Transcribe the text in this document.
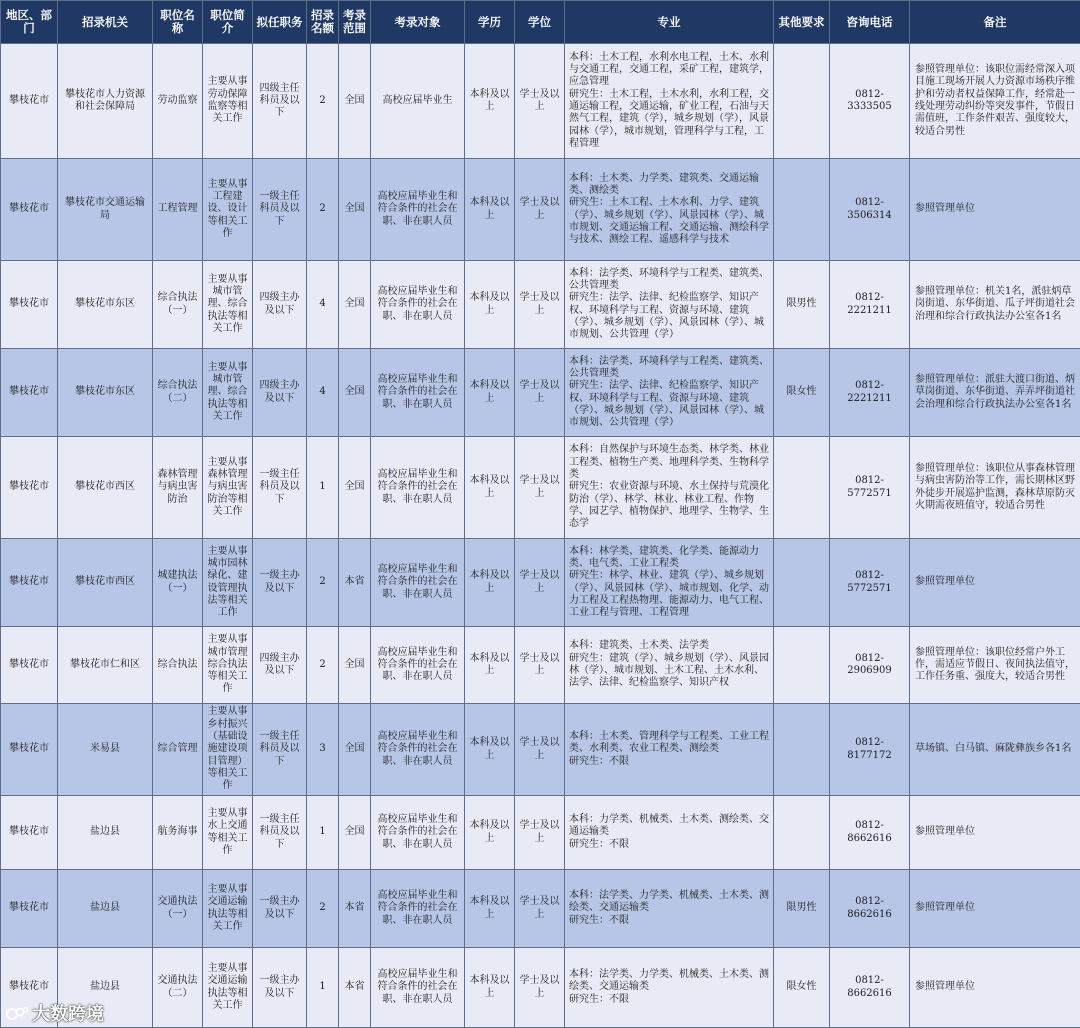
地区、部门	招录机关	职位名称	职位简介	拟任职务	招录名额	考录范围	考录对象	学历	学位	专业	其他要求	咨询电话	备注
攀枝花市	攀枝花市人力资源和社会保障局	劳动监察	主要从事劳动保障监察等相关工作	四级主任科员及以下	2	全国	高校应届毕业生	本科及以上	学士及以上	本科：土木工程，水利水电工程，土木、水利与交通工程，交通工程，采矿工程，建筑学，应急管理
研究生：土木工程，土木水利，水利工程，交通运输工程，交通运输，矿业工程，石油与天然气工程，建筑（学），城乡规划（学），风景园林（学），城市规划，管理科学与工程，工程管理		0812-3333505	参照管理单位：该职位需经常深入项目施工现场开展人力资源市场秩序维护和劳动者权益保障工作，经常赴一线处理劳动纠纷等突发事件，节假日需值班，工作条件艰苦、强度较大，较适合男性
攀枝花市	攀枝花市交通运输局	工程管理	主要从事工程建设、设计等相关工作	一级主任科员及以下	2	全国	高校应届毕业生和符合条件的社会在职、非在职人员	本科及以上	学士及以上	本科：土木类、力学类、建筑类、交通运输类、测绘类
研究生：土木工程、土木水利、力学、建筑（学）、城乡规划（学）、风景园林（学）、城市规划、交通运输工程、交通运输、测绘科学与技术、测绘工程、遥感科学与技术		0812-3506314	参照管理单位
攀枝花市	攀枝花市东区	综合执法（一）	主要从事城市管理、综合执法等相关工作	四级主办及以下	4	全国	高校应届毕业生和符合条件的社会在职、非在职人员	本科及以上	学士及以上	本科：法学类、环境科学与工程类、建筑类、公共管理类
研究生：法学、法律、纪检监察学、知识产权、环境科学与工程、资源与环境、建筑（学）、城乡规划（学）、风景园林（学）、城市规划、公共管理（学）	限男性	0812-2221211	参照管理单位：机关1名，派驻炳草岗街道、东华街道、瓜子坪街道社会治理和综合行政执法办公室各1名
攀枝花市	攀枝花市东区	综合执法（二）	主要从事城市管理、综合执法等相关工作	四级主办及以下	4	全国	高校应届毕业生和符合条件的社会在职、非在职人员	本科及以上	学士及以上	本科：法学类、环境科学与工程类、建筑类、公共管理类
研究生：法学、法律、纪检监察学、知识产权、环境科学与工程、资源与环境、建筑（学）、城乡规划（学）、风景园林（学）、城市规划、公共管理（学）	限女性	0812-2221211	参照管理单位：派驻大渡口街道、炳草岗街道、东华街道、弄弄坪街道社会治理和综合行政执法办公室各1名
攀枝花市	攀枝花市西区	森林管理与病虫害防治	主要从事森林管理与病虫害防治等相关工作	一级主任科员及以下	1	全国	高校应届毕业生和符合条件的社会在职、非在职人员	本科及以上	学士及以上	本科：自然保护与环境生态类、林学类、林业工程类、植物生产类、地理科学类、生物科学类
研究生：农业资源与环境、水土保持与荒漠化防治（学）、林学、林业、林业工程、作物学、园艺学、植物保护、地理学、生物学、生态学		0812-5772571	参照管理单位：该职位从事森林管理与病虫害防治等工作，需长期林区野外徒步开展巡护监测，森林草原防灭火期需夜班值守，较适合男性
攀枝花市	攀枝花市西区	城建执法（一）	主要从事城市园林绿化、建设管理执法等相关工作	一级主办及以下	2	本省	高校应届毕业生和符合条件的社会在职、非在职人员	本科及以上	学士及以上	本科：林学类、建筑类、化学类、能源动力类、电气类、工业工程类
研究生：林学、林业、建筑（学）、城乡规划（学）、风景园林（学）、城市规划、化学、动力工程及工程热物理、能源动力、电气工程、工业工程与管理、工程管理		0812-5772571	参照管理单位
攀枝花市	攀枝花市仁和区	综合执法	主要从事城市管理综合执法等相关工作	四级主办及以下	2	全国	高校应届毕业生和符合条件的社会在职、非在职人员	本科及以上	学士及以上	本科：建筑类、土木类、法学类
研究生：建筑（学）、城乡规划（学）、风景园林（学）、城市规划、土木工程、土木水利、法学、法律、纪检监察学、知识产权		0812-2906909	参照管理单位：该职位经常户外工作，需适应节假日、夜间执法值守，工作任务重、强度大，较适合男性
攀枝花市	米易县	综合管理	主要从事乡村振兴（基础设施建设项目管理）等相关工作	一级主任科员及以下	3	全国	高校应届毕业生和符合条件的社会在职、非在职人员	本科及以上	学士及以上	本科：土木类、管理科学与工程类、工业工程类、水利类、农业工程类、测绘类
研究生：不限		0812-8177172	草场镇、白马镇、麻陇彝族乡各1名
攀枝花市	盐边县	航务海事	主要从事水上交通等相关工作	一级主任科员及以下	1	全国	高校应届毕业生和符合条件的社会在职、非在职人员	本科及以上	学士及以上	本科：力学类、机械类、土木类、测绘类、交通运输类
研究生：不限		0812-8662616	参照管理单位
攀枝花市	盐边县	交通执法（一）	主要从事交通运输执法等相关工作	一级主办及以下	2	本省	高校应届毕业生和符合条件的社会在职、非在职人员	本科及以上	学士及以上	本科：法学类、力学类、机械类、土木类、测绘类、交通运输类
研究生：不限	限男性	0812-8662616	参照管理单位
攀枝花市	盐边县	交通执法（二）	主要从事交通运输执法等相关工作	一级主办及以下	1	本省	高校应届毕业生和符合条件的社会在职、非在职人员	本科及以上	学士及以上	本科：法学类、力学类、机械类、土木类、测绘类、交通运输类
研究生：不限	限女性	0812-8662616	参照管理单位
大数跨境
